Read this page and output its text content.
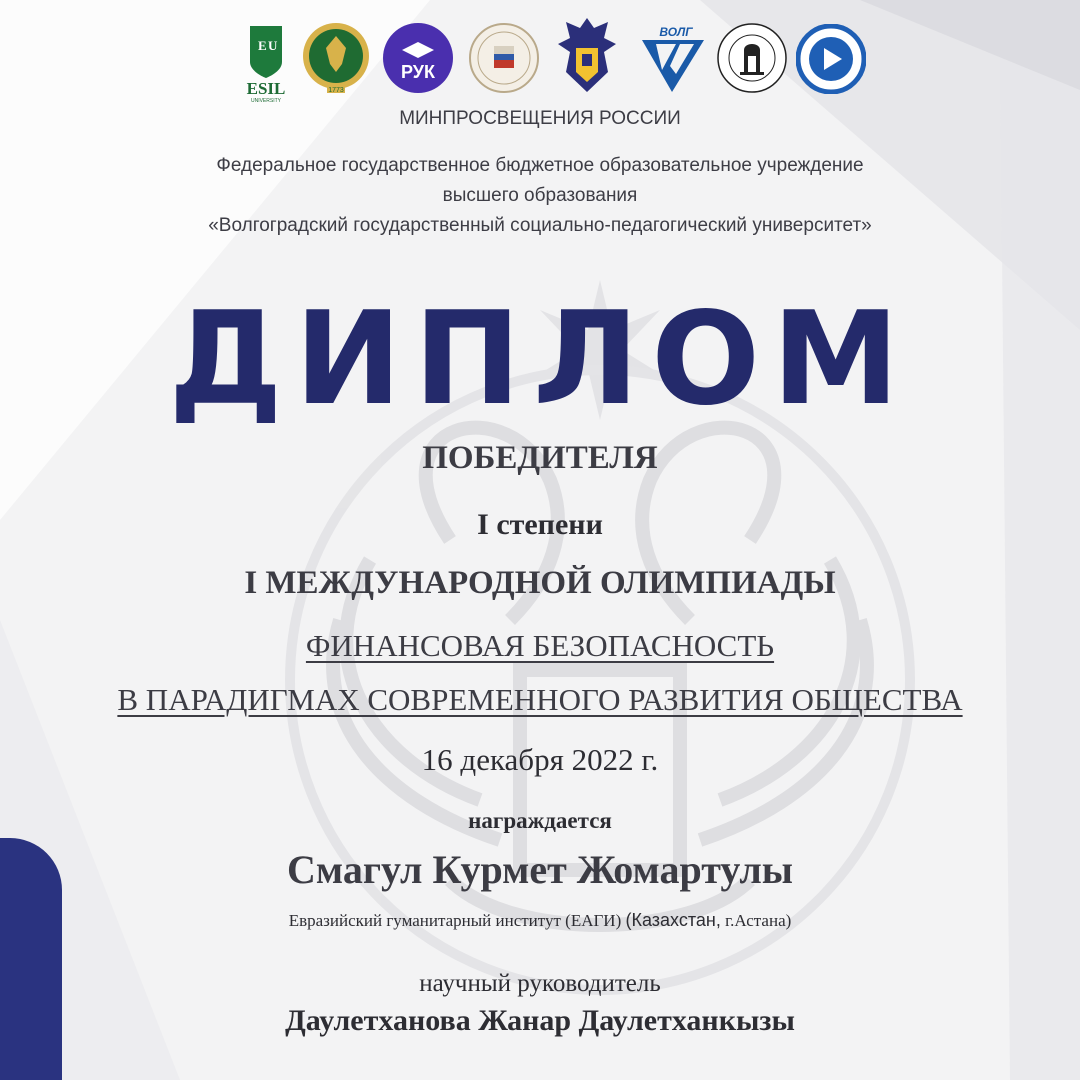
E U
ESIL
UNIVERSITY
1773
РУК
ВОЛГ
МИНПРОСВЕЩЕНИЯ РОССИИ
Федеральное государственное бюджетное образовательное учреждение
высшего образования
«Волгоградский государственный социально-педагогический университет»
ДИПЛОМ
ПОБЕДИТЕЛЯ
I степени
I МЕЖДУНАРОДНОЙ ОЛИМПИАДЫ
ФИНАНСОВАЯ БЕЗОПАСНОСТЬ
В ПАРАДИГМАХ СОВРЕМЕННОГО РАЗВИТИЯ ОБЩЕСТВА
16 декабря 2022 г.
награждается
Смагул Курмет Жомартулы
Евразийский гуманитарный институт (ЕАГИ) (Казахстан, г.Астана)
научный руководитель
Даулетханова Жанар Даулетханкызы
